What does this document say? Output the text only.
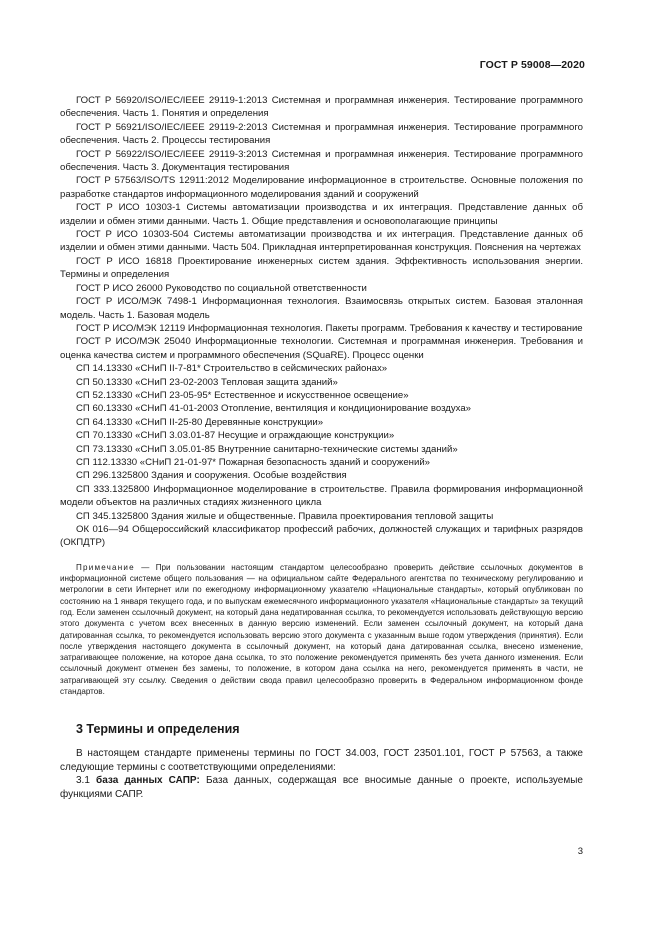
ГОСТ Р 59008—2020

ГОСТ Р 56920/ISO/IEC/IEEE 29119-1:2013 Системная и программная инженерия. Тестирование программного обеспечения. Часть 1. Понятия и определения

ГОСТ Р 56921/ISO/IEC/IEEE 29119-2:2013 Системная и программная инженерия. Тестирование программного обеспечения. Часть 2. Процессы тестирования

ГОСТ Р 56922/ISO/IEC/IEEE 29119-3:2013 Системная и программная инженерия. Тестирование программного обеспечения. Часть 3. Документация тестирования

ГОСТ Р 57563/ISO/TS 12911:2012 Моделирование информационное в строительстве. Основные положения по разработке стандартов информационного моделирования зданий и сооружений

ГОСТ Р ИСО 10303-1 Системы автоматизации производства и их интеграция. Представление данных об изделии и обмен этими данными. Часть 1. Общие представления и основополагающие принципы

ГОСТ Р ИСО 10303-504 Системы автоматизации производства и их интеграция. Представление данных об изделии и обмен этими данными. Часть 504. Прикладная интерпретированная конструкция. Пояснения на чертежах

ГОСТ Р ИСО 16818 Проектирование инженерных систем здания. Эффективность использования энергии. Термины и определения

ГОСТ Р ИСО 26000 Руководство по социальной ответственности

ГОСТ Р ИСО/МЭК 7498-1 Информационная технология. Взаимосвязь открытых систем. Базовая эталонная модель. Часть 1. Базовая модель

ГОСТ Р ИСО/МЭК 12119 Информационная технология. Пакеты программ. Требования к качеству и тестирование

ГОСТ Р ИСО/МЭК 25040 Информационные технологии. Системная и программная инженерия. Требования и оценка качества систем и программного обеспечения (SQuaRE). Процесс оценки

СП 14.13330 «СНиП II-7-81* Строительство в сейсмических районах»

СП 50.13330 «СНиП 23-02-2003 Тепловая защита зданий»

СП 52.13330 «СНиП 23-05-95* Естественное и искусственное освещение»

СП 60.13330 «СНиП 41-01-2003 Отопление, вентиляция и кондиционирование воздуха»

СП 64.13330 «СНиП II-25-80 Деревянные конструкции»

СП 70.13330 «СНиП 3.03.01-87 Несущие и ограждающие конструкции»

СП 73.13330 «СНиП 3.05.01-85 Внутренние санитарно-технические системы зданий»

СП 112.13330 «СНиП 21-01-97* Пожарная безопасность зданий и сооружений»

СП 296.1325800 Здания и сооружения. Особые воздействия

СП 333.1325800 Информационное моделирование в строительстве. Правила формирования информационной модели объектов на различных стадиях жизненного цикла

СП 345.1325800 Здания жилые и общественные. Правила проектирования тепловой защиты

ОК 016—94 Общероссийский классификатор профессий рабочих, должностей служащих и тарифных разрядов (ОКПДТР)

Примечание — При пользовании настоящим стандартом целесообразно проверить действие ссылочных документов в информационной системе общего пользования — на официальном сайте Федерального агентства по техническому регулированию и метрологии в сети Интернет или по ежегодному информационному указателю «Национальные стандарты», который опубликован по состоянию на 1 января текущего года, и по выпускам ежемесячного информационного указателя «Национальные стандарты» за текущий год. Если заменен ссылочный документ, на который дана недатированная ссылка, то рекомендуется использовать действующую версию этого документа с учетом всех внесенных в данную версию изменений. Если заменен ссылочный документ, на который дана датированная ссылка, то рекомендуется использовать версию этого документа с указанным выше годом утверждения (принятия). Если после утверждения настоящего документа в ссылочный документ, на который дана датированная ссылка, внесено изменение, затрагивающее положение, на которое дана ссылка, то это положение рекомендуется применять без учета данного изменения. Если ссылочный документ отменен без замены, то положение, в котором дана ссылка на него, рекомендуется применять в части, не затрагивающей эту ссылку. Сведения о действии свода правил целесообразно проверить в Федеральном информационном фонде стандартов.
3 Термины и определения

В настоящем стандарте применены термины по ГОСТ 34.003, ГОСТ 23501.101, ГОСТ Р 57563, а также следующие термины с соответствующими определениями:

3.1 база данных САПР: База данных, содержащая все вносимые данные о проекте, используемые функциями САПР.

3
